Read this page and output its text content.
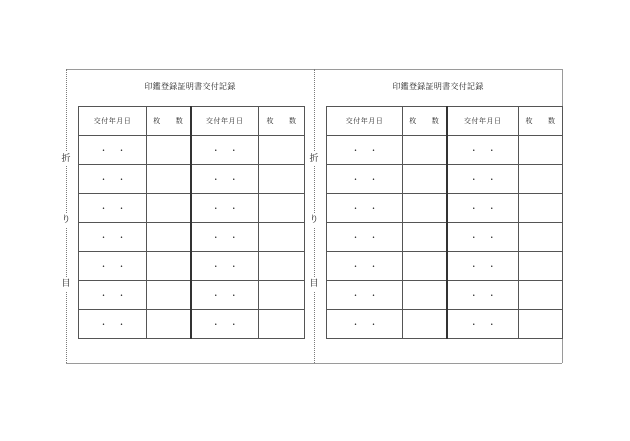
折
り
目
折
り
目
印鑑登録証明書交付記録
交付年月日	枚　数	交付年月日	枚　数
・ ・		・ ・	
・ ・		・ ・	
・ ・		・ ・	
・ ・		・ ・	
・ ・		・ ・	
・ ・		・ ・	
・ ・		・ ・	
印鑑登録証明書交付記録
交付年月日	枚　数	交付年月日	枚　数
・ ・		・ ・	
・ ・		・ ・	
・ ・		・ ・	
・ ・		・ ・	
・ ・		・ ・	
・ ・		・ ・	
・ ・		・ ・	
